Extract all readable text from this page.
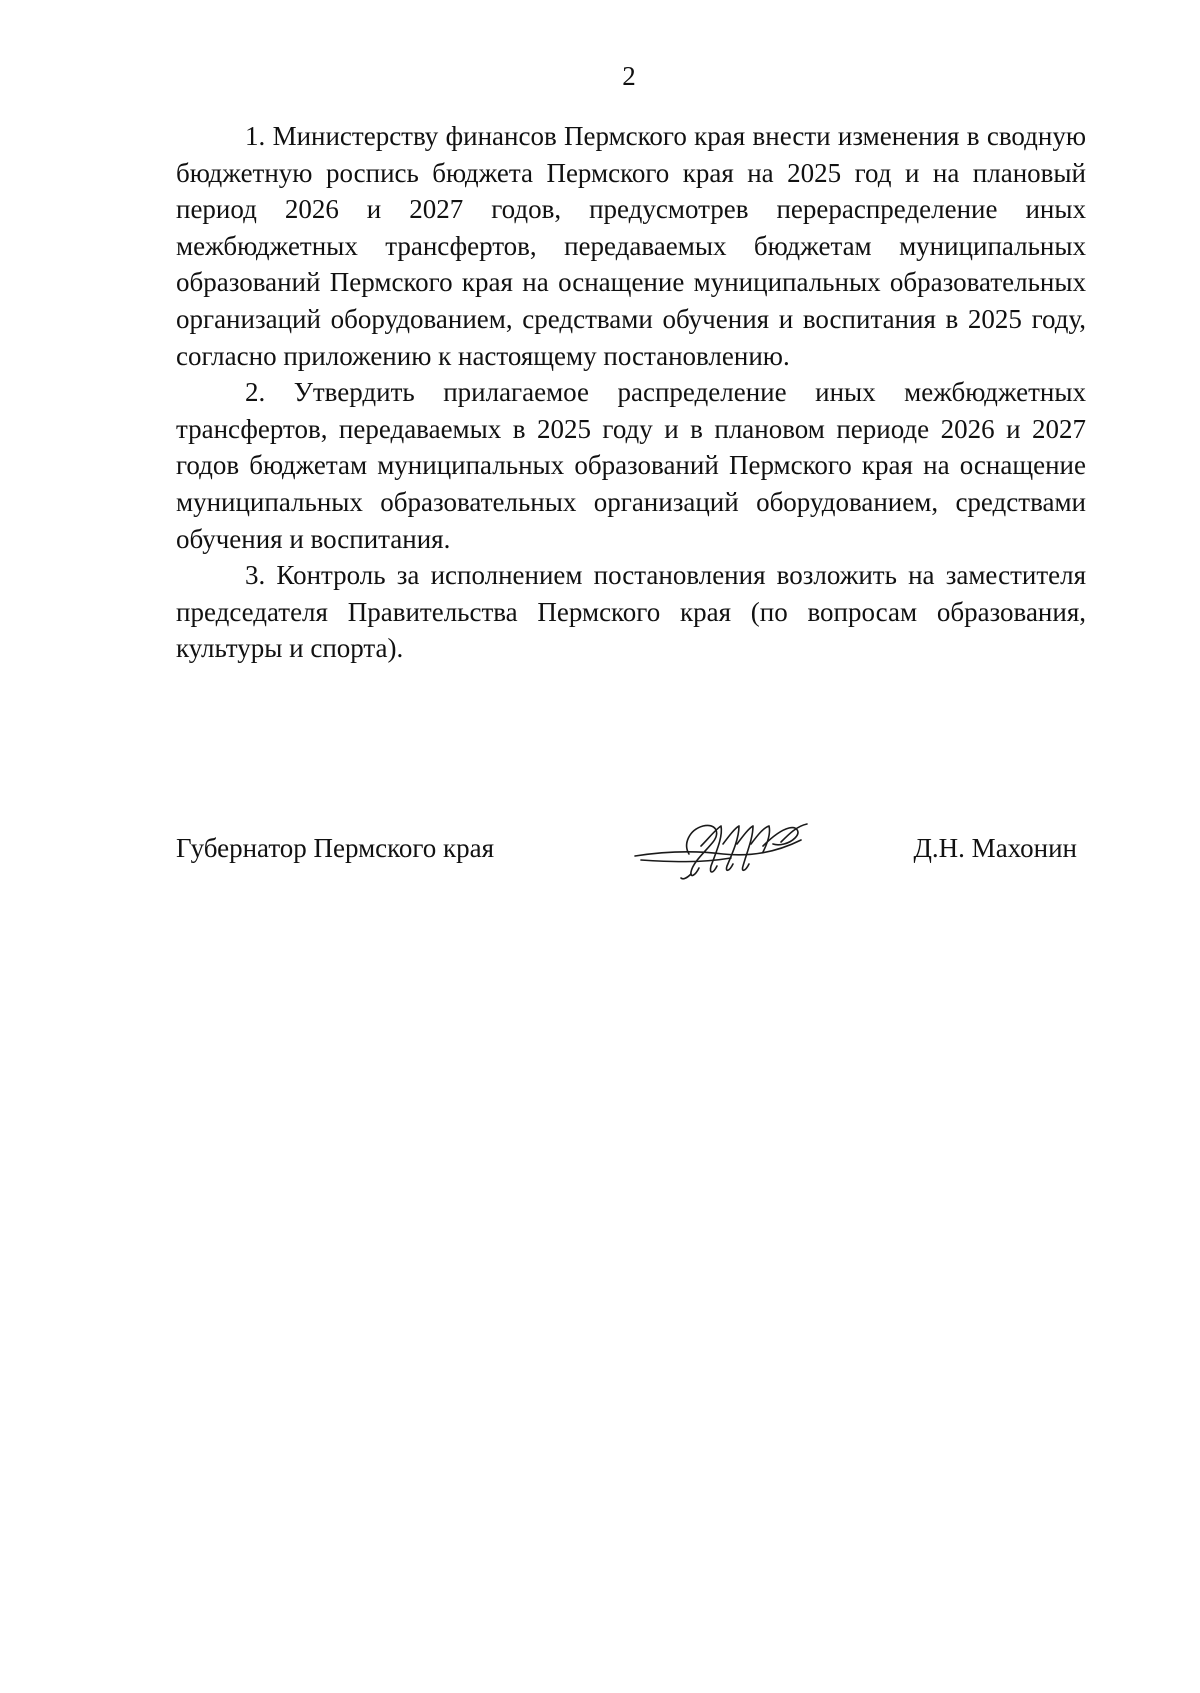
2

1. Министерству финансов Пермского края внести изменения в сводную бюджетную роспись бюджета Пермского края на 2025 год и на плановый период 2026 и 2027 годов, предусмотрев перераспределение иных межбюджетных трансфертов, передаваемых бюджетам муниципальных образований Пермского края на оснащение муниципальных образовательных организаций оборудованием, средствами обучения и воспитания в 2025 году, согласно приложению к настоящему постановлению.

2. Утвердить прилагаемое распределение иных межбюджетных трансфертов, передаваемых в 2025 году и в плановом периоде 2026 и 2027 годов бюджетам муниципальных образований Пермского края на оснащение муниципальных образовательных организаций оборудованием, средствами обучения и воспитания.

3. Контроль за исполнением постановления возложить на заместителя председателя Правительства Пермского края (по вопросам образования, культуры и спорта).

Губернатор Пермского края	Д.Н. Махонин
